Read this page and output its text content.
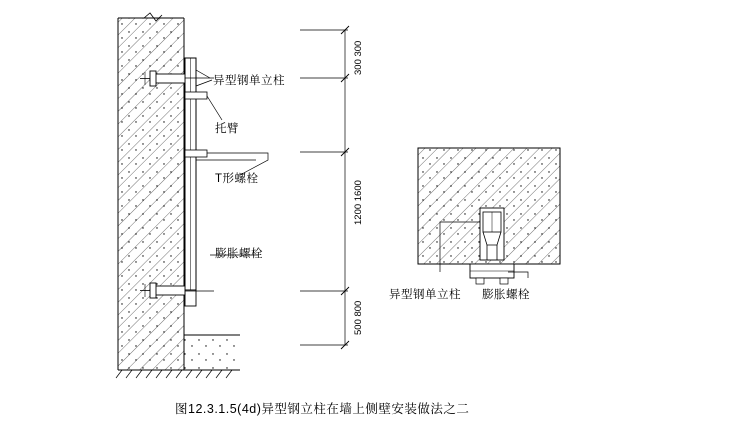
异型钢单立柱
托臂
T形螺栓
膨胀螺栓
300 300
1200 1600
500 800
异型钢单立柱 膨胀螺栓
图12.3.1.5(4d)异型钢立柱在墙上侧壁安装做法之二
